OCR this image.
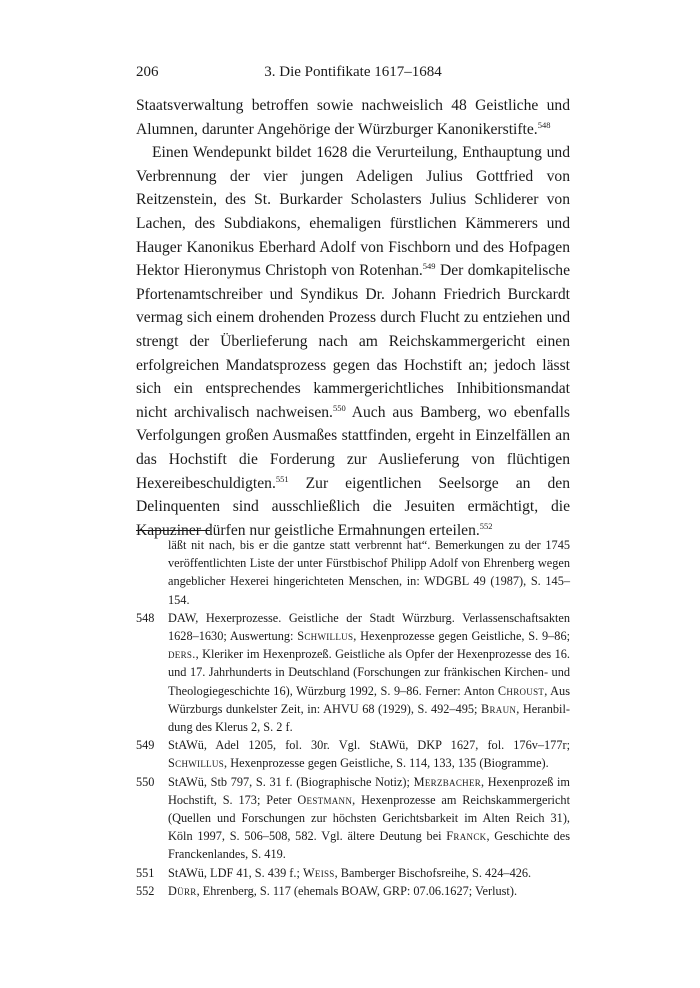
206	3. Die Pontifikate 1617–1684

Staatsverwaltung betroffen sowie nachweislich 48 Geistliche und Alumnen, darunter Angehörige der Würzburger Kanonikerstifte.$^{548}$

Einen Wendepunkt bildet 1628 die Verurteilung, Enthauptung und Verbrennung der vier jungen Adeligen Julius Gottfried von Reitzenstein, des St. Burkarder Scholasters Julius Schliderer von Lachen, des Subdiakons, ehemaligen fürstlichen Kämmerers und Hauger Kanonikus Eberhard Adolf von Fischborn und des Hofpagen Hektor Hieronymus Christoph von Rotenhan.$^{549}$ Der domkapitelische Pfortenamtschreiber und Syndikus Dr. Johann Friedrich Burckardt vermag sich einem drohenden Prozess durch Flucht zu entziehen und strengt der Überlieferung nach am Reichskammergericht einen erfolgreichen Mandatsprozess gegen das Hochstift an; jedoch lässt sich ein entsprechendes kammergerichtliches Inhibitionsmandat nicht archivalisch nachweisen.$^{550}$ Auch aus Bamberg, wo ebenfalls Verfolgungen großen Ausmaßes stattfinden, ergeht in Einzelfällen an das Hochstift die Forderung zur Auslieferung von flüchtigen Hexereibeschuldigten.$^{551}$ Zur eigentlichen Seelsorge an den Delinquenten sind ausschließlich die Jesuiten ermächtigt, die Kapuziner dürfen nur geistliche Ermahnungen erteilen.$^{552}$

läßt nit nach, bis er die gantze statt verbrennt hat“. Bemerkungen zu der 1745 veröffentlichten Liste der unter Fürstbischof Philipp Adolf von Ehrenberg wegen angeblicher Hexerei hingerichteten Menschen, in: WDGBL 49 (1987), S. 145–154.
548 DAW, Hexerprozesse. Geistliche der Stadt Würzburg. Verlassenschaftsakten 1628–1630; Auswertung: Schwillus, Hexenprozesse gegen Geistliche, S. 9–86; ders., Kleriker im Hexenprozeß. Geistliche als Opfer der Hexenprozesse des 16. und 17. Jahrhunderts in Deutschland (Forschungen zur fränkischen Kirchen- und Theologiegeschichte 16), Würzburg 1992, S. 9–86. Ferner: Anton Chroust, Aus Würzburgs dunkelster Zeit, in: AHVU 68 (1929), S. 492–495; Braun, Heranbildung des Klerus 2, S. 2 f.
549 StAWü, Adel 1205, fol. 30r. Vgl. StAWü, DKP 1627, fol. 176v–177r; Schwillus, Hexenprozesse gegen Geistliche, S. 114, 133, 135 (Biogramme).
550 StAWü, Stb 797, S. 31 f. (Biographische Notiz); Merzbacher, Hexenprozeß im Hochstift, S. 173; Peter Oestmann, Hexenprozesse am Reichskammergericht (Quellen und Forschungen zur höchsten Gerichtsbarkeit im Alten Reich 31), Köln 1997, S. 506–508, 582. Vgl. ältere Deutung bei Franck, Geschichte des Franckenlandes, S. 419.
551 StAWü, LDF 41, S. 439 f.; Weiss, Bamberger Bischofsreihe, S. 424–426.
552 Dürr, Ehrenberg, S. 117 (ehemals BOAW, GRP: 07.06.1627; Verlust).
